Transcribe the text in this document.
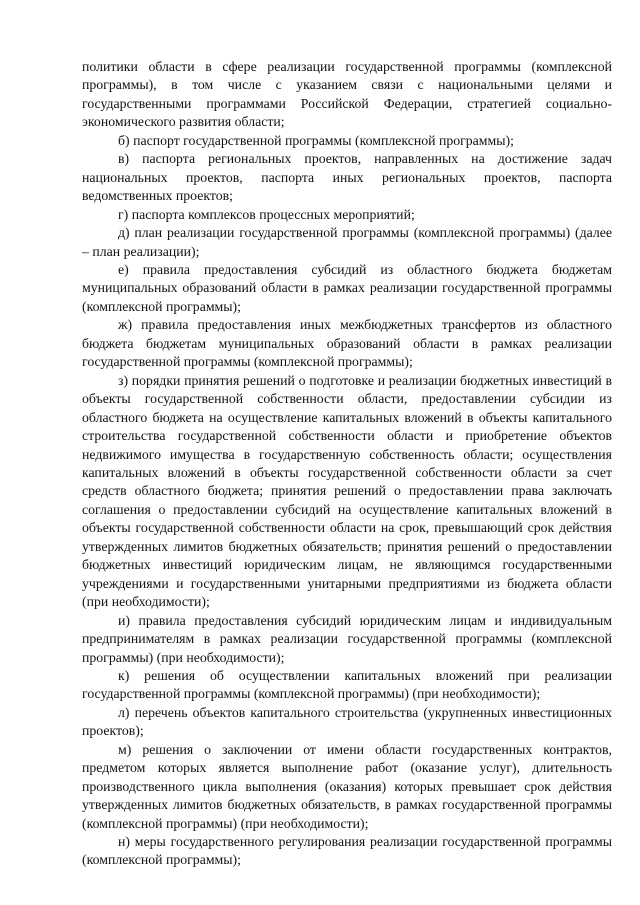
политики области в сфере реализации государственной программы (комплексной программы), в том числе с указанием связи с национальными целями и государственными программами Российской Федерации, стратегией социально-экономического развития области;

б) паспорт государственной программы (комплексной программы);

в) паспорта региональных проектов, направленных на достижение задач национальных проектов, паспорта иных региональных проектов, паспорта ведомственных проектов;

г) паспорта комплексов процессных мероприятий;

д) план реализации государственной программы (комплексной программы) (далее – план реализации);

е) правила предоставления субсидий из областного бюджета бюджетам муниципальных образований области в рамках реализации государственной программы (комплексной программы);

ж) правила предоставления иных межбюджетных трансфертов из областного бюджета бюджетам муниципальных образований области в рамках реализации государственной программы (комплексной программы);

з) порядки принятия решений о подготовке и реализации бюджетных инвестиций в объекты государственной собственности области, предоставлении субсидии из областного бюджета на осуществление капитальных вложений в объекты капитального строительства государственной собственности области и приобретение объектов недвижимого имущества в государственную собственность области; осуществления капитальных вложений в объекты государственной собственности области за счет средств областного бюджета; принятия решений о предоставлении права заключать соглашения о предоставлении субсидий на осуществление капитальных вложений в объекты государственной собственности области на срок, превышающий срок действия утвержденных лимитов бюджетных обязательств; принятия решений о предоставлении бюджетных инвестиций юридическим лицам, не являющимся государственными учреждениями и государственными унитарными предприятиями из бюджета области (при необходимости);

и) правила предоставления субсидий юридическим лицам и индивидуальным предпринимателям в рамках реализации государственной программы (комплексной программы) (при необходимости);

к) решения об осуществлении капитальных вложений при реализации государственной программы (комплексной программы) (при необходимости);

л) перечень объектов капитального строительства (укрупненных инвестиционных проектов);

м) решения о заключении от имени области государственных контрактов, предметом которых является выполнение работ (оказание услуг), длительность производственного цикла выполнения (оказания) которых превышает срок действия утвержденных лимитов бюджетных обязательств, в рамках государственной программы (комплексной программы) (при необходимости);

н) меры государственного регулирования реализации государственной программы (комплексной программы);
